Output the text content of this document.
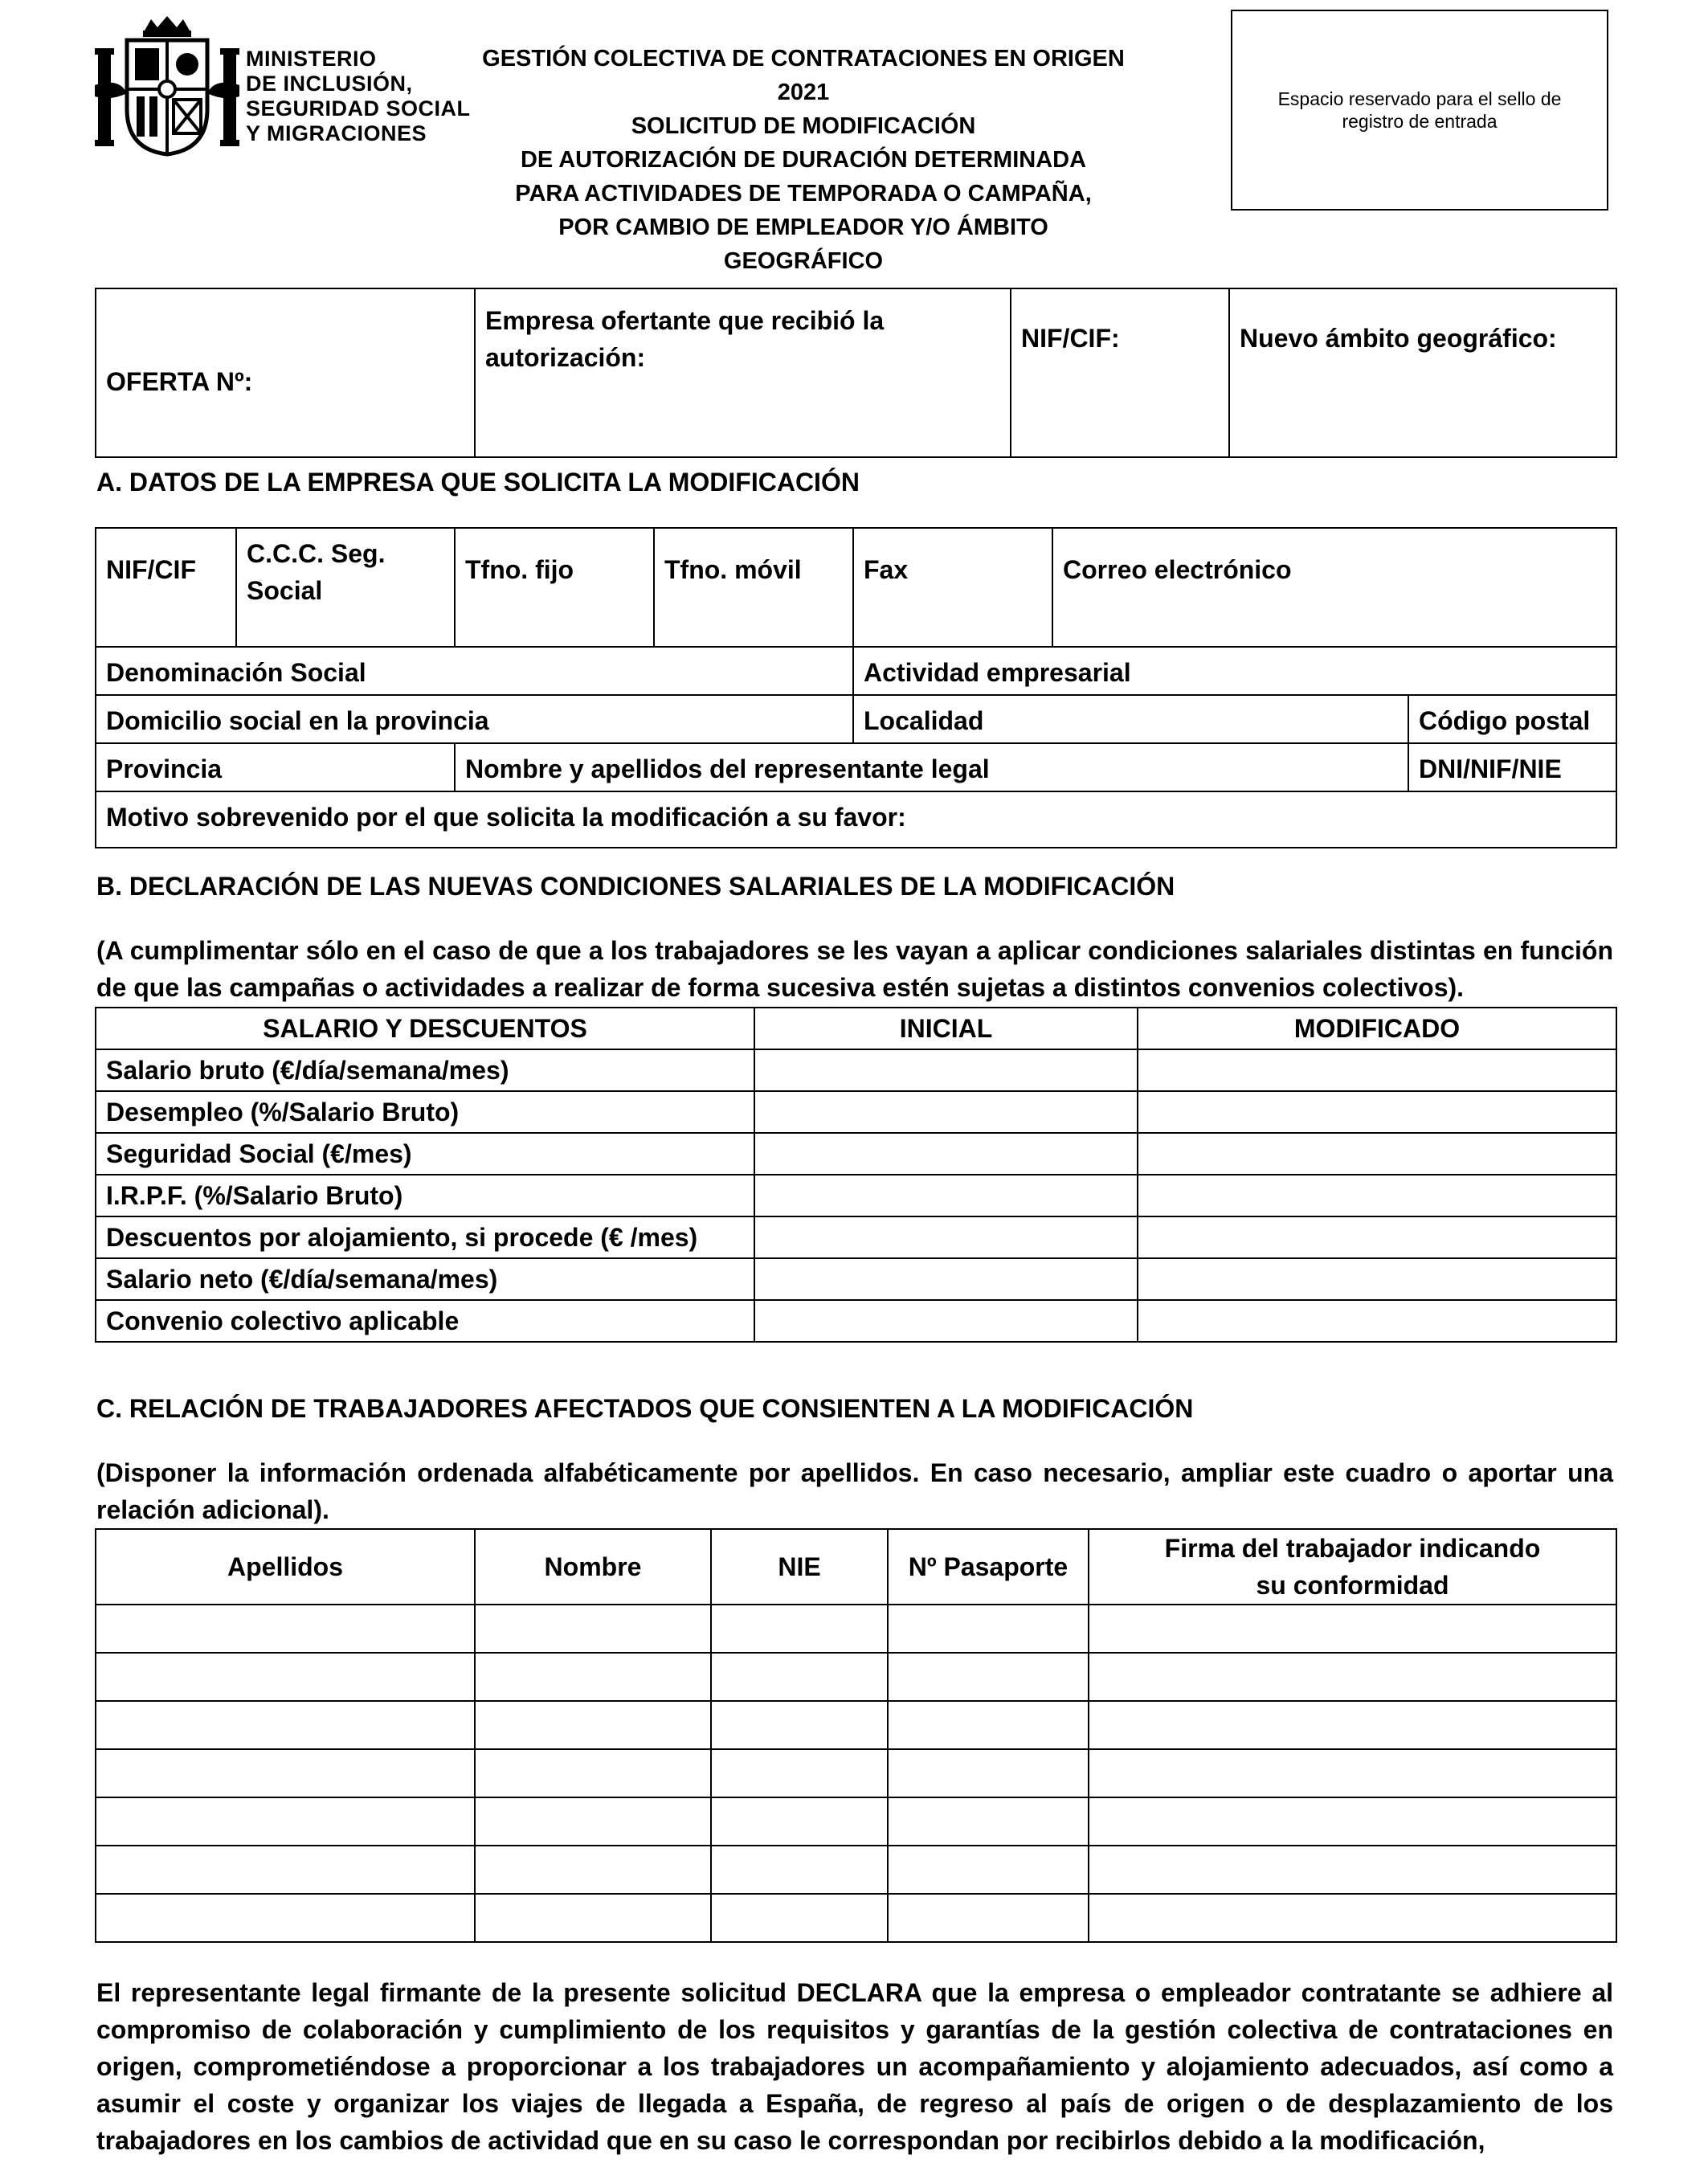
MINISTERIO
DE INCLUSIÓN,
SEGURIDAD SOCIAL
Y MIGRACIONES
GESTIÓN COLECTIVA DE CONTRATACIONES EN ORIGEN 2021
SOLICITUD DE MODIFICACIÓN
DE AUTORIZACIÓN DE DURACIÓN DETERMINADA
PARA ACTIVIDADES DE TEMPORADA O CAMPAÑA,
POR CAMBIO DE EMPLEADOR Y/O ÁMBITO GEOGRÁFICO
Espacio reservado para el sello de registro de entrada
OFERTA Nº:	Empresa ofertante que recibió la autorización:	NIF/CIF:	Nuevo ámbito geográfico:
A. DATOS DE LA EMPRESA QUE SOLICITA LA MODIFICACIÓN
NIF/CIF	C.C.C. Seg. Social	Tfno. fijo	Tfno. móvil	Fax	Correo electrónico	
Denominación Social				Actividad empresarial		
Domicilio social en la provincia				Localidad		Código postal
Provincia		Nombre y apellidos del representante legal				DNI/NIF/NIE
Motivo sobrevenido por el que solicita la modificación a su favor:						
B. DECLARACIÓN DE LAS NUEVAS CONDICIONES SALARIALES DE LA MODIFICACIÓN
(A cumplimentar sólo en el caso de que a los trabajadores se les vayan a aplicar condiciones salariales distintas en función de que las campañas o actividades a realizar de forma sucesiva estén sujetas a distintos convenios colectivos).
SALARIO Y DESCUENTOS	INICIAL	MODIFICADO
Salario bruto (€/día/semana/mes)		
Desempleo (%/Salario Bruto)		
Seguridad Social (€/mes)		
I.R.P.F. (%/Salario Bruto)		
Descuentos por alojamiento, si procede (€ /mes)		
Salario neto (€/día/semana/mes)		
Convenio colectivo aplicable		
C. RELACIÓN DE TRABAJADORES AFECTADOS QUE CONSIENTEN A LA MODIFICACIÓN
(Disponer la información ordenada alfabéticamente por apellidos. En caso necesario, ampliar este cuadro o aportar una relación adicional).
Apellidos	Nombre	NIE	Nº Pasaporte	Firma del trabajador indicando su conformidad

El representante legal firmante de la presente solicitud DECLARA que la empresa o empleador contratante se adhiere al compromiso de colaboración y cumplimiento de los requisitos y garantías de la gestión colectiva de contrataciones en origen, comprometiéndose a proporcionar a los trabajadores un acompañamiento y alojamiento adecuados, así como a asumir el coste y organizar los viajes de llegada a España, de regreso al país de origen o de desplazamiento de los trabajadores en los cambios de actividad que en su caso le correspondan por recibirlos debido a la modificación,
